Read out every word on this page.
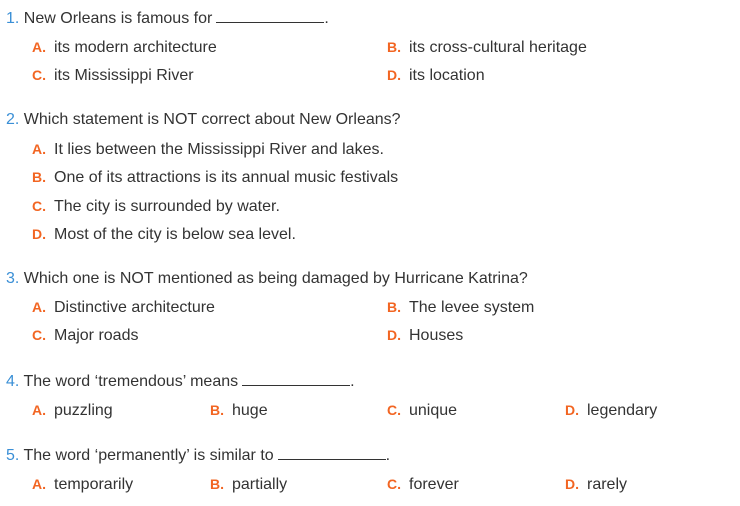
1. New Orleans is famous for	.
A. its modern architecture	B. its cross-cultural heritage
C. its Mississippi River	D. its location
2. Which statement is NOT correct about New Orleans?
A. It lies between the Mississippi River and lakes.
B. One of its attractions is its annual music festivals
C. The city is surrounded by water.
D. Most of the city is below sea level.
3. Which one is NOT mentioned as being damaged by Hurricane Katrina?
A. Distinctive architecture	B. The levee system
C. Major roads	D. Houses
4. The word ‘tremendous’ means	.
A. puzzling	B. huge	C. unique	D. legendary
5. The word ‘permanently’ is similar to	.
A. temporarily	B. partially	C. forever	D. rarely
